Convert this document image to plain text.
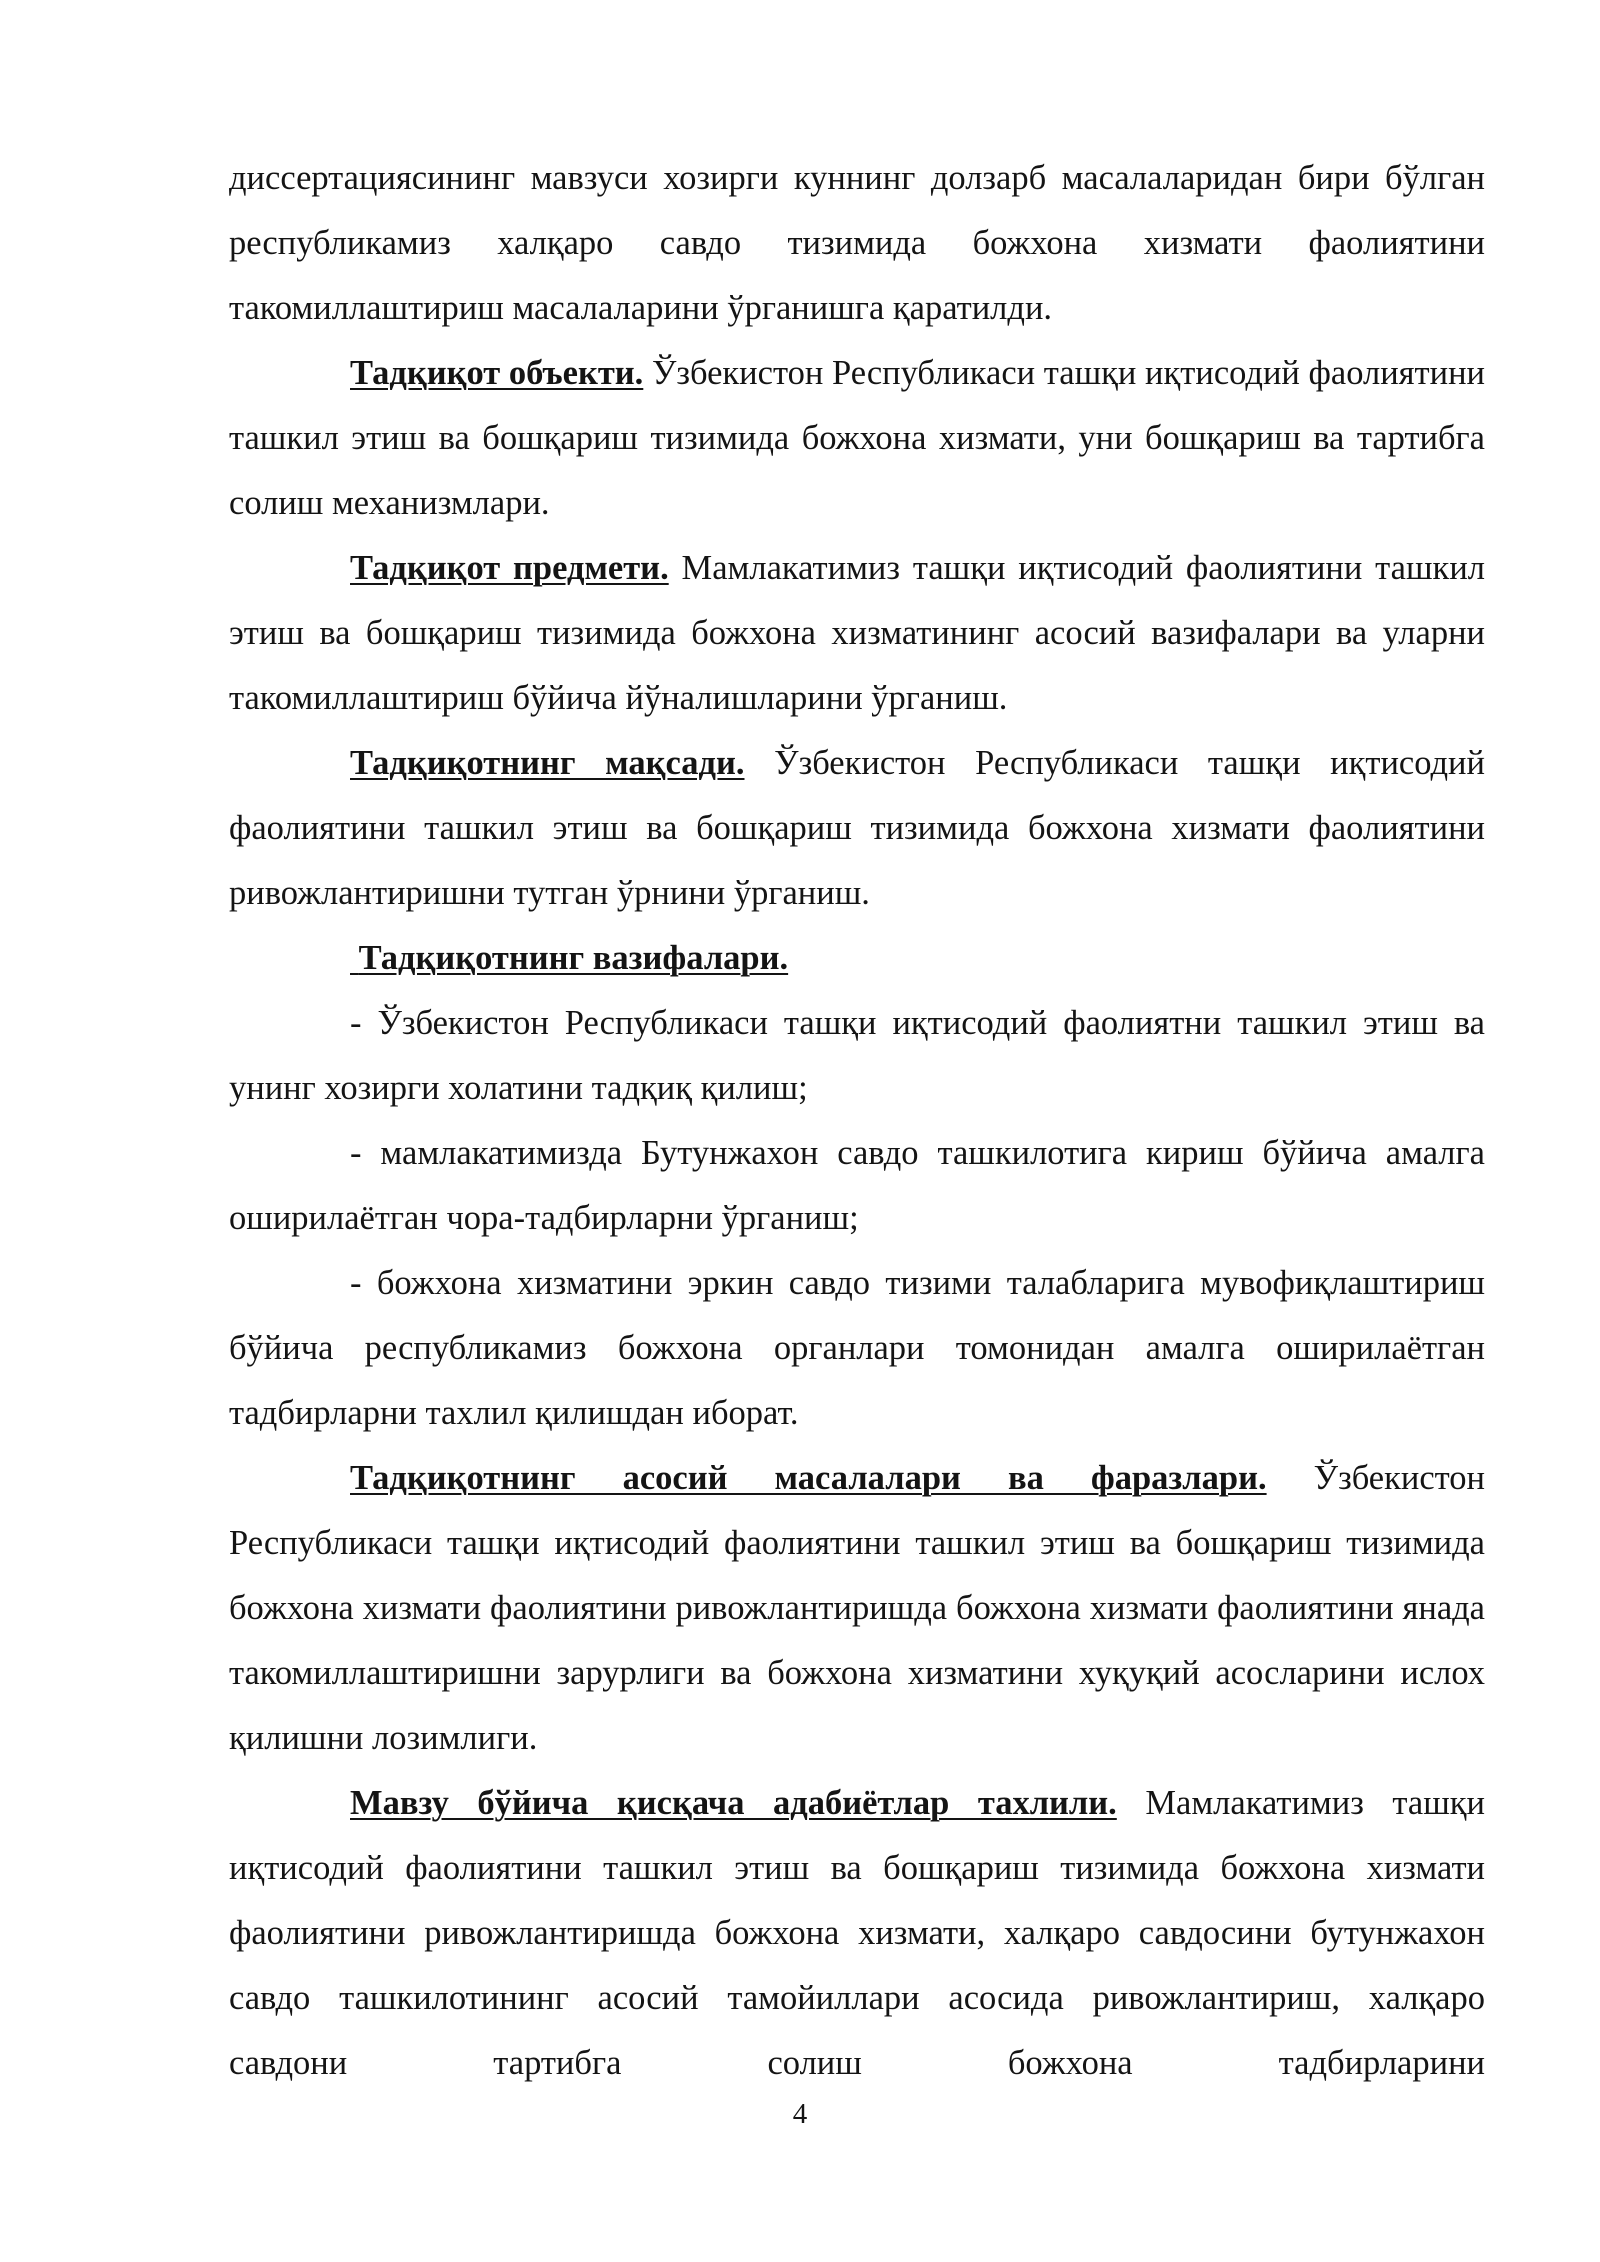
диссертациясининг мавзуси хозирги куннинг долзарб масалаларидан бири бўлган республикамиз халқаро савдо тизимида божхона хизмати фаолиятини такомиллаштириш масалаларини ўрганишга қаратилди.

Тадқиқот объекти. Ўзбекистон Республикаси ташқи иқтисодий фаолиятини ташкил этиш ва бошқариш тизимида божхона хизмати, уни бошқариш ва тартибга солиш механизмлари.

Тадқиқот предмети. Мамлакатимиз ташқи иқтисодий фаолиятини ташкил этиш ва бошқариш тизимида божхона хизматининг асосий вазифалари ва уларни такомиллаштириш бўйича йўналишларини ўрганиш.

Тадқиқотнинг мақсади. Ўзбекистон Республикаси ташқи иқтисодий фаолиятини ташкил этиш ва бошқариш тизимида божхона хизмати фаолиятини ривожлантиришни тутган ўрнини ўрганиш.

Тадқиқотнинг вазифалари.

- Ўзбекистон Республикаси ташқи иқтисодий фаолиятни ташкил этиш ва унинг хозирги холатини тадқиқ қилиш;

- мамлакатимизда Бутунжахон савдо ташкилотига кириш бўйича амалга оширилаётган чора-тадбирларни ўрганиш;

- божхона хизматини эркин савдо тизими талабларига мувофиқлаштириш бўйича республикамиз божхона органлари томонидан амалга оширилаётган тадбирларни тахлил қилишдан иборат.

Тадқиқотнинг асосий масалалари ва фаразлари. Ўзбекистон Республикаси ташқи иқтисодий фаолиятини ташкил этиш ва бошқариш тизимида божхона хизмати фаолиятини ривожлантиришда божхона хизмати фаолиятини янада такомиллаштиришни зарурлиги ва божхона хизматини хуқуқий асосларини ислох қилишни лозимлиги.

Мавзу бўйича қисқача адабиётлар тахлили. Мамлакатимиз ташқи иқтисодий фаолиятини ташкил этиш ва бошқариш тизимида божхона хизмати фаолиятини ривожлантиришда божхона хизмати, халқаро савдосини бутунжахон савдо ташкилотининг асосий тамойиллари асосида ривожлантириш, халқаро савдони тартибга солиш божхона тадбирларини

4
